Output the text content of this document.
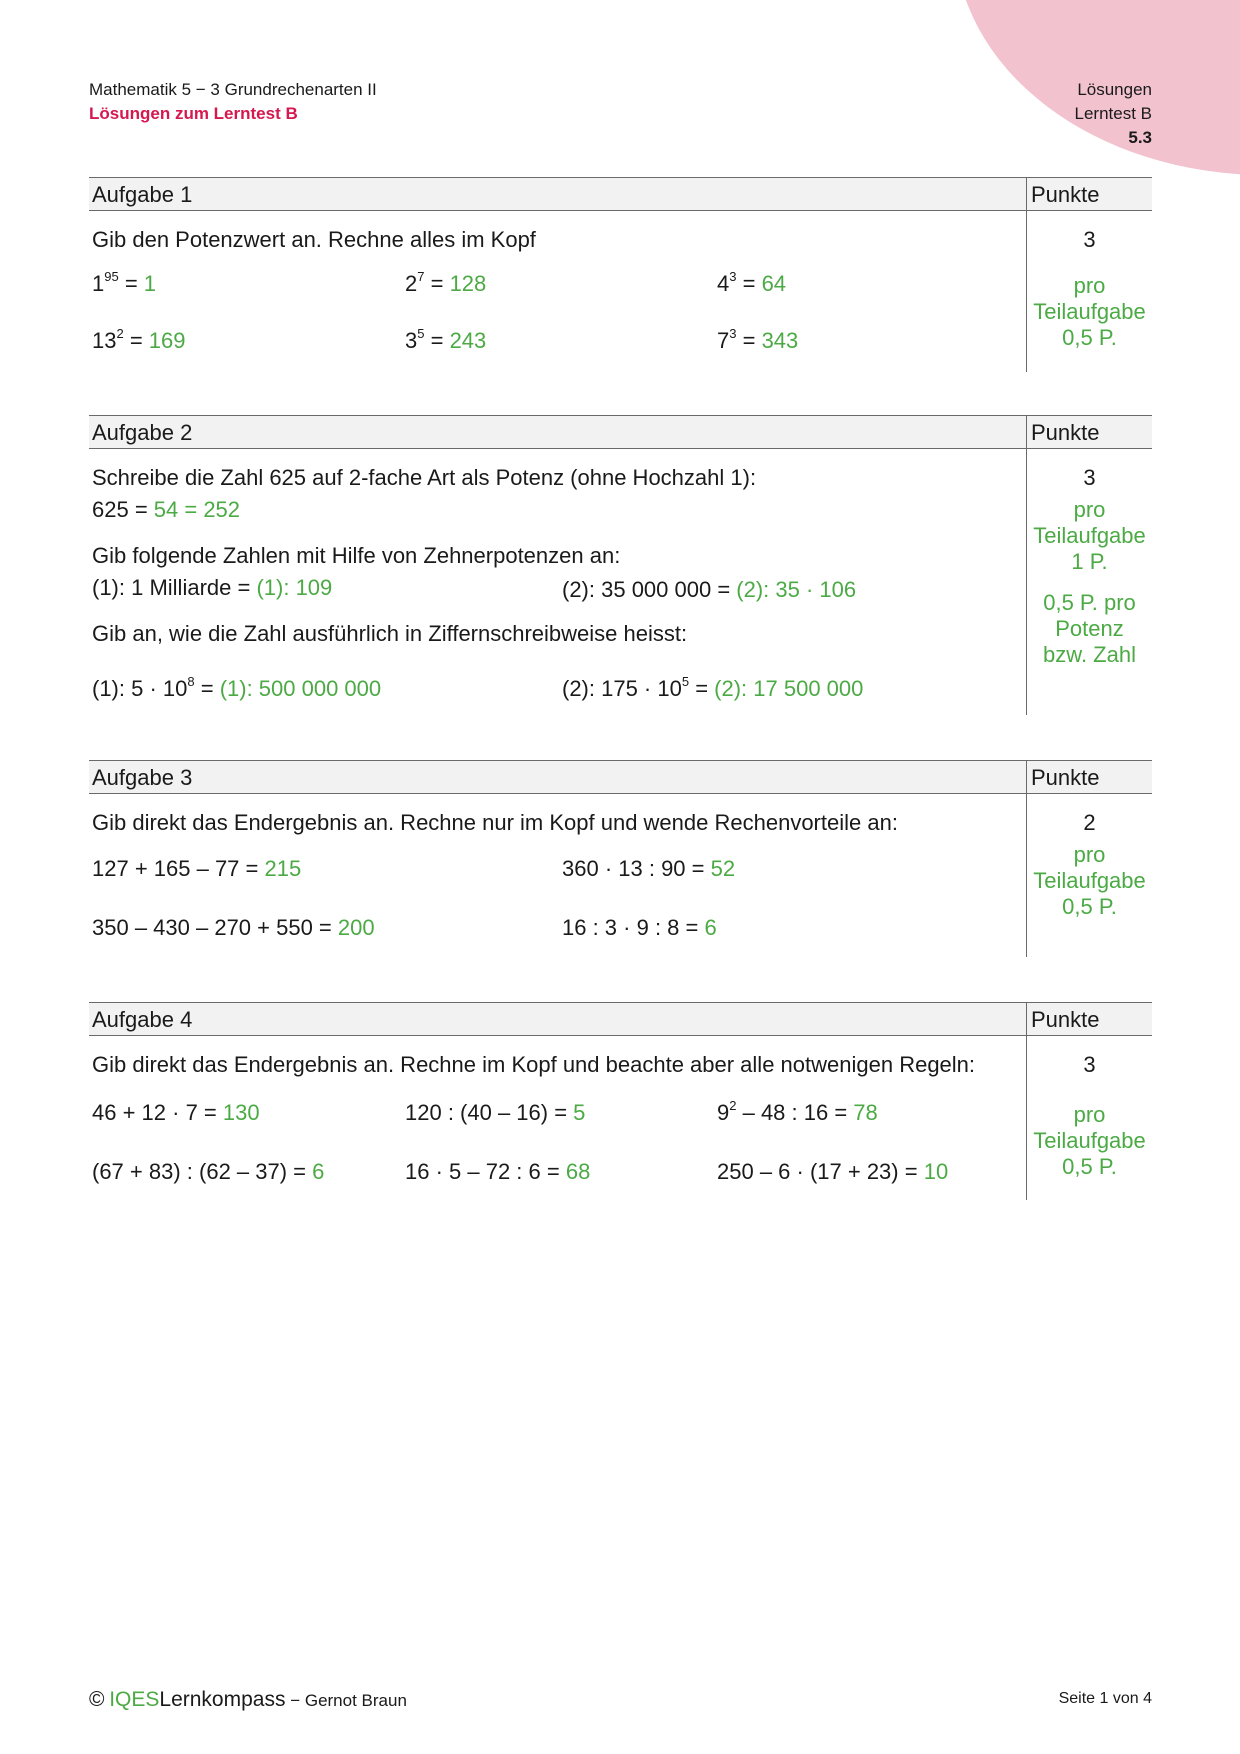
Mathematik 5 − 3 Grundrechenarten II
Lösungen zum Lerntest B
Lösungen
Lerntest B
5.3
Aufgabe 1	Punkte
Gib den Potenzwert an. Rechne alles im Kopf
$1^{95} = 1$	$2^7 = 128$	$4^3 = 64$
$13^2 = 169$	$3^5 = 243$	$7^3 = 343$
3
pro
Teilaufgabe
0,5 P.
Aufgabe 2	Punkte
Schreibe die Zahl 625 auf 2-fache Art als Potenz (ohne Hochzahl 1):
625 = 54 = 252
Gib folgende Zahlen mit Hilfe von Zehnerpotenzen an:
(1): 1 Milliarde = (1): 109	(2): 35 000 000 = (2): 35 · 106
Gib an, wie die Zahl ausführlich in Ziffernschreibweise heisst:
(1): $5 \cdot 10^8 = (1)$: 500 000 000	(2): $175 \cdot 10^5 = (2)$: 17 500 000
3
pro
Teilaufgabe
1 P.
0,5 P. pro
Potenz
bzw. Zahl
Aufgabe 3	Punkte
Gib direkt das Endergebnis an. Rechne nur im Kopf und wende Rechenvorteile an:
127 + 165 – 77 = 215	360 · 13 : 90 = 52
350 – 430 – 270 + 550 = 200	16 : 3 · 9 : 8 = 6
2
pro
Teilaufgabe
0,5 P.
Aufgabe 4	Punkte
Gib direkt das Endergebnis an. Rechne im Kopf und beachte aber alle notwenigen Regeln:
46 + 12 · 7 = 130	120 : (40 – 16) = 5	$9^2 - 48$ : 16 = 78
(67 + 83) : (62 – 37) = 6	16 · 5 – 72 : 6 = 68	250 – 6 · (17 + 23) = 10
3
pro
Teilaufgabe
0,5 P.
© IQESLernkompass − Gernot Braun	Seite 1 von 4
